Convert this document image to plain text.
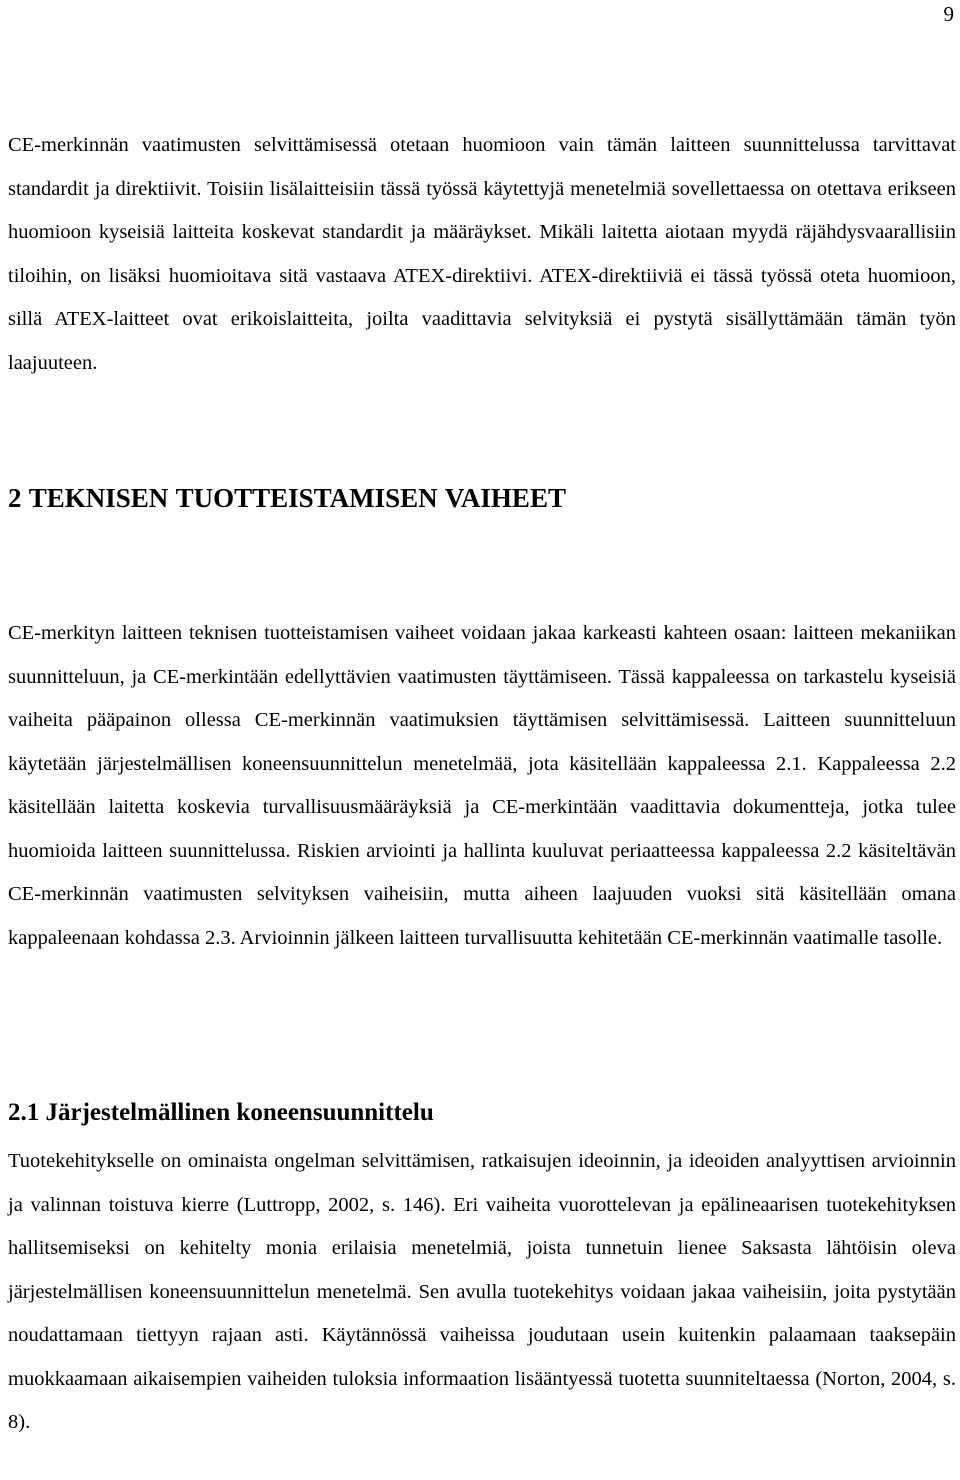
9

CE-merkinnän vaatimusten selvittämisessä otetaan huomioon vain tämän laitteen suunnittelussa tarvittavat standardit ja direktiivit. Toisiin lisälaitteisiin tässä työssä käytettyjä menetelmiä sovellettaessa on otettava erikseen huomioon kyseisiä laitteita koskevat standardit ja määräykset. Mikäli laitetta aiotaan myydä räjähdysvaarallisiin tiloihin, on lisäksi huomioitava sitä vastaava ATEX-direktiivi. ATEX-direktiiviä ei tässä työssä oteta huomioon, sillä ATEX-laitteet ovat erikoislaitteita, joilta vaadittavia selvityksiä ei pystytä sisällyttämään tämän työn laajuuteen.

2 TEKNISEN TUOTTEISTAMISEN VAIHEET

CE-merkityn laitteen teknisen tuotteistamisen vaiheet voidaan jakaa karkeasti kahteen osaan: laitteen mekaniikan suunnitteluun, ja CE-merkintään edellyttävien vaatimusten täyttämiseen. Tässä kappaleessa on tarkastelu kyseisiä vaiheita pääpainon ollessa CE-merkinnän vaatimuksien täyttämisen selvittämisessä. Laitteen suunnitteluun käytetään järjestelmällisen koneensuunnittelun menetelmää, jota käsitellään kappaleessa 2.1. Kappaleessa 2.2 käsitellään laitetta koskevia turvallisuusmääräyksiä ja CE-merkintään vaadittavia dokumentteja, jotka tulee huomioida laitteen suunnittelussa. Riskien arviointi ja hallinta kuuluvat periaatteessa kappaleessa 2.2 käsiteltävän CE-merkinnän vaatimusten selvityksen vaiheisiin, mutta aiheen laajuuden vuoksi sitä käsitellään omana kappaleenaan kohdassa 2.3. Arvioinnin jälkeen laitteen turvallisuutta kehitetään CE-merkinnän vaatimalle tasolle.

2.1 Järjestelmällinen koneensuunnittelu

Tuotekehitykselle on ominaista ongelman selvittämisen, ratkaisujen ideoinnin, ja ideoiden analyyttisen arvioinnin ja valinnan toistuva kierre (Luttropp, 2002, s. 146). Eri vaiheita vuorottelevan ja epälineaarisen tuotekehityksen hallitsemiseksi on kehitelty monia erilaisia menetelmiä, joista tunnetuin lienee Saksasta lähtöisin oleva järjestelmällisen koneensuunnittelun menetelmä. Sen avulla tuotekehitys voidaan jakaa vaiheisiin, joita pystytään noudattamaan tiettyyn rajaan asti. Käytännössä vaiheissa joudutaan usein kuitenkin palaamaan taaksepäin muokkaamaan aikaisempien vaiheiden tuloksia informaation lisääntyessä tuotetta suunniteltaessa (Norton, 2004, s. 8).
